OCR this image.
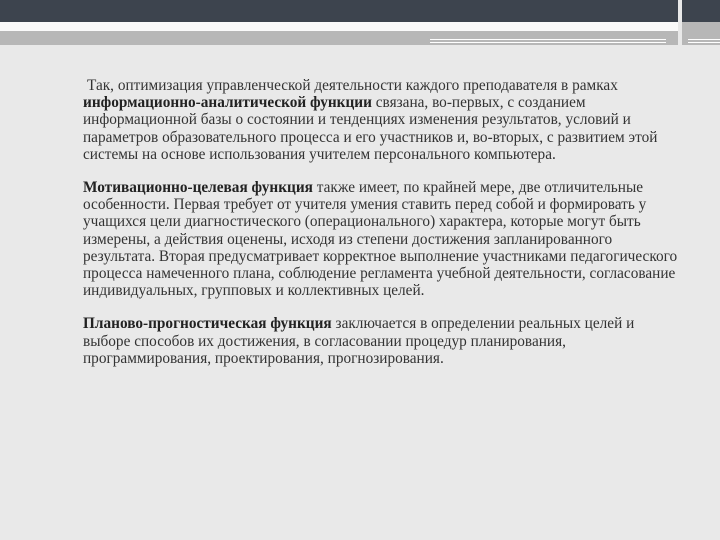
Так, оптимизация управленческой деятельности каждого преподавателя в рамках информационно-аналитической функции связана, во-первых, с созданием информационной базы о состоянии и тенденциях изменения результатов, условий и параметров образовательного процесса и его участников и, во-вторых, с развитием этой системы на основе использования учителем персонального компьютера.

Мотивационно-целевая функция также имеет, по крайней мере, две отличительные особенности. Первая требует от учителя умения ставить перед собой и формировать у учащихся цели диагностического (операционального) характера, которые могут быть измерены, а действия оценены, исходя из степени достижения запланированного результата. Вторая предусматривает корректное выполнение участниками педагогического процесса намеченного плана, соблюдение регламента учебной деятельности, согласование индивидуальных, групповых и коллективных целей.

Планово-прогностическая функция заключается в определении реальных целей и выборе способов их достижения, в согласовании процедур планирования, программирования, проектирования, прогнозирования.
